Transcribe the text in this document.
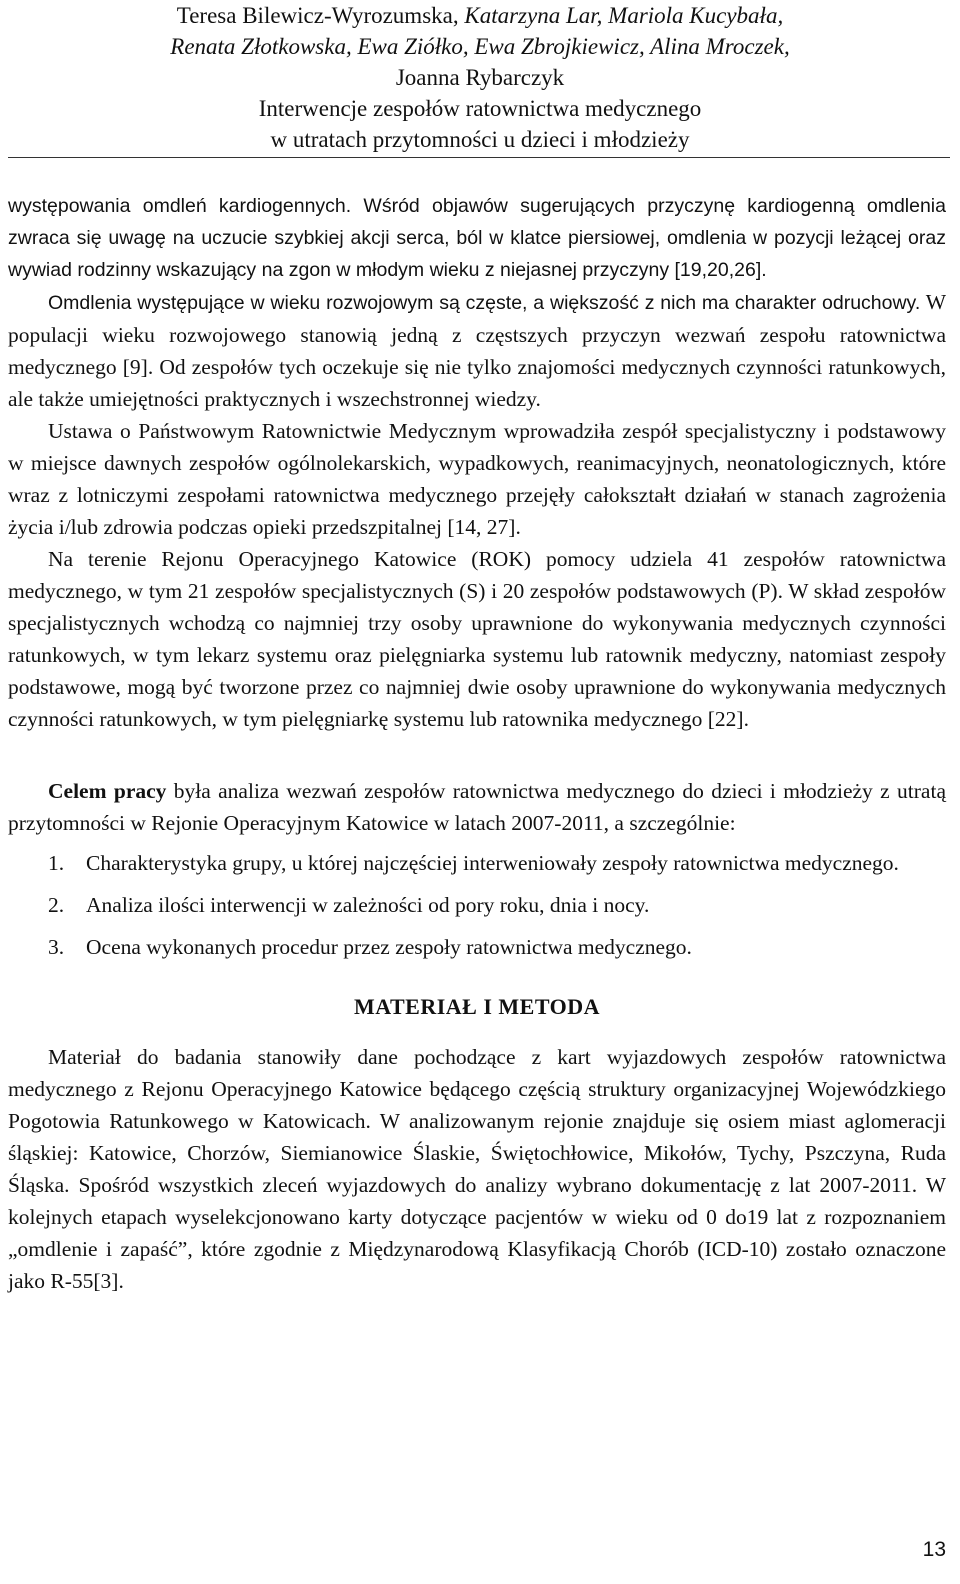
Teresa Bilewicz-Wyrozumska, Katarzyna Lar, Mariola Kucybała,
Renata Złotkowska, Ewa Ziółko, Ewa Zbrojkiewicz, Alina Mroczek,
Joanna Rybarczyk
Interwencje zespołów ratownictwa medycznego
w utratach przytomności u dzieci i młodzieży

występowania omdleń kardiogennych. Wśród objawów sugerujących przyczynę kardiogenną omdlenia zwraca się uwagę na uczucie szybkiej akcji serca, ból w klatce piersiowej, omdlenia w pozycji leżącej oraz wywiad rodzinny wskazujący na zgon w młodym wieku z niejasnej przyczyny [19,20,26].

Omdlenia występujące w wieku rozwojowym są częste, a większość z nich ma charakter odruchowy. W populacji wieku rozwojowego stanowią jedną z częstszych przyczyn wezwań zespołu ratownictwa medycznego [9]. Od zespołów tych oczekuje się nie tylko znajomości medycznych czynności ratunkowych, ale także umiejętności praktycznych i wszechstronnej wiedzy.

Ustawa o Państwowym Ratownictwie Medycznym wprowadziła zespół specjalistyczny i podstawowy w miejsce dawnych zespołów ogólnolekarskich, wypadkowych, reanimacyjnych, neonatologicznych, które wraz z lotniczymi zespołami ratownictwa medycznego przejęły całokształt działań w stanach zagrożenia życia i/lub zdrowia podczas opieki przedszpitalnej [14, 27].

Na terenie Rejonu Operacyjnego Katowice (ROK) pomocy udziela 41 zespołów ratownictwa medycznego, w tym 21 zespołów specjalistycznych (S) i 20 zespołów podstawowych (P). W skład zespołów specjalistycznych wchodzą co najmniej trzy osoby uprawnione do wykonywania medycznych czynności ratunkowych, w tym lekarz systemu oraz pielęgniarka systemu lub ratownik medyczny, natomiast zespoły podstawowe, mogą być tworzone przez co najmniej dwie osoby uprawnione do wykonywania medycznych czynności ratunkowych, w tym pielęgniarkę systemu lub ratownika medycznego [22].

Celem pracy była analiza wezwań zespołów ratownictwa medycznego do dzieci i młodzieży z utratą przytomności w Rejonie Operacyjnym Katowice w latach 2007-2011, a szczególnie:

1. Charakterystyka grupy, u której najczęściej interweniowały zespoły ratownictwa medycznego.
2. Analiza ilości interwencji w zależności od pory roku, dnia i nocy.
3. Ocena wykonanych procedur przez zespoły ratownictwa medycznego.
MATERIAŁ I METODA

Materiał do badania stanowiły dane pochodzące z kart wyjazdowych zespołów ratownictwa medycznego z Rejonu Operacyjnego Katowice będącego częścią struktury organizacyjnej Wojewódzkiego Pogotowia Ratunkowego w Katowicach. W analizowanym rejonie znajduje się osiem miast aglomeracji śląskiej: Katowice, Chorzów, Siemianowice Ślaskie, Świętochłowice, Mikołów, Tychy, Pszczyna, Ruda Śląska. Spośród wszystkich zleceń wyjazdowych do analizy wybrano dokumentację z lat 2007-2011. W kolejnych etapach wyselekcjonowano karty dotyczące pacjentów w wieku od 0 do19 lat z rozpoznaniem „omdlenie i zapaść”, które zgodnie z Międzynarodową Klasyfikacją Chorób (ICD-10) zostało oznaczone jako R-55[3].

13
